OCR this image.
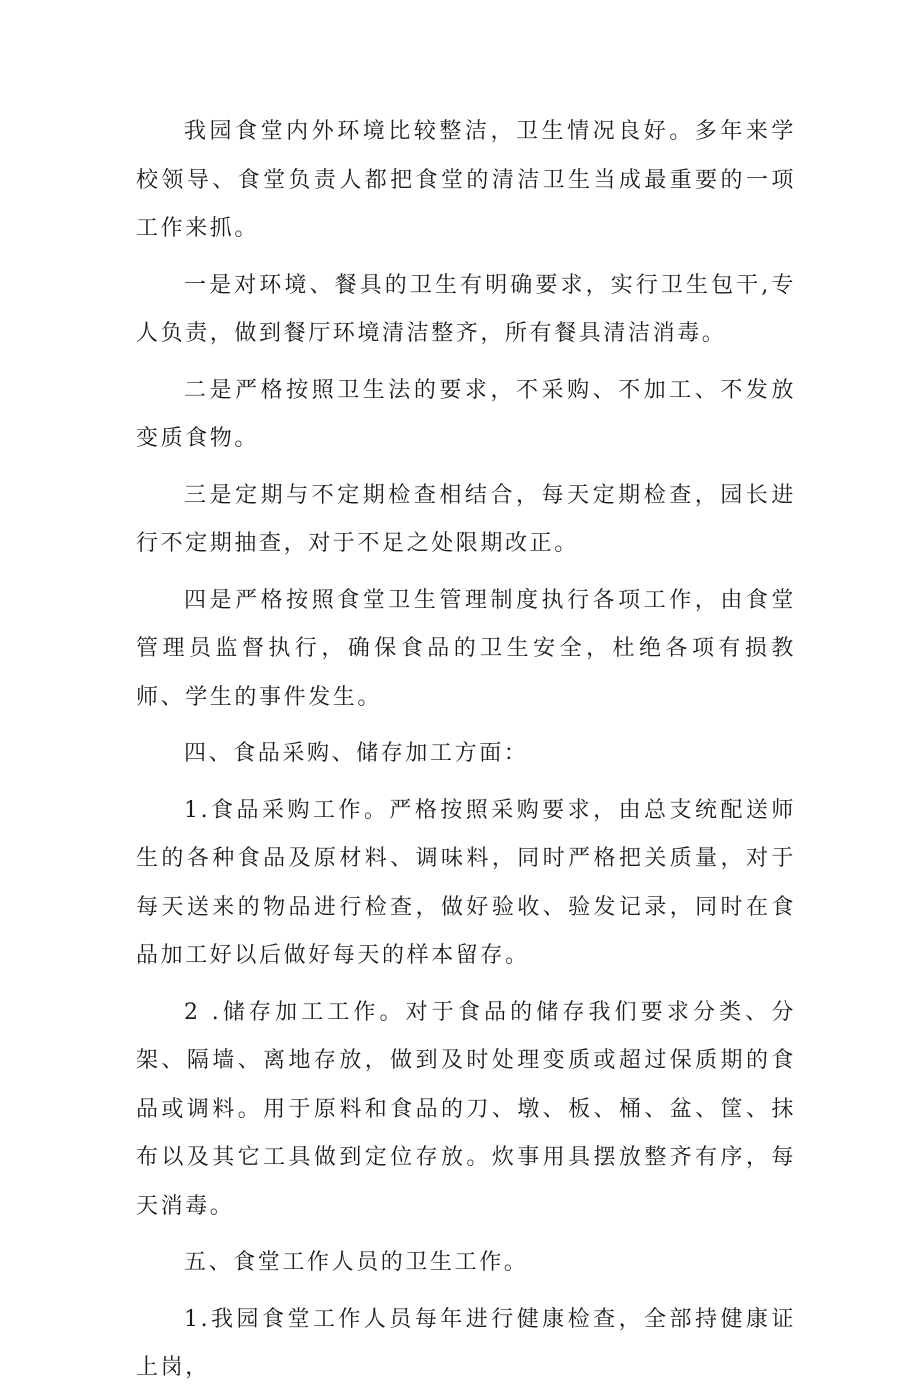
我园食堂内外环境比较整洁，卫生情况良好。多年来学校领导、食堂负责人都把食堂的清洁卫生当成最重要的一项工作来抓。

一是对环境、餐具的卫生有明确要求，实行卫生包干,专人负责，做到餐厅环境清洁整齐，所有餐具清洁消毒。

二是严格按照卫生法的要求，不采购、不加工、不发放变质食物。

三是定期与不定期检查相结合，每天定期检查，园长进行不定期抽查，对于不足之处限期改正。

四是严格按照食堂卫生管理制度执行各项工作，由食堂管理员监督执行，确保食品的卫生安全，杜绝各项有损教师、学生的事件发生。

四、食品采购、储存加工方面：

1.食品采购工作。严格按照采购要求，由总支统配送师生的各种食品及原材料、调味料，同时严格把关质量，对于每天送来的物品进行检查，做好验收、验发记录，同时在食品加工好以后做好每天的样本留存。

2 .储存加工工作。对于食品的储存我们要求分类、分架、隔墙、离地存放，做到及时处理变质或超过保质期的食品或调料。用于原料和食品的刀、墩、板、桶、盆、筐、抹布以及其它工具做到定位存放。炊事用具摆放整齐有序，每天消毒。

五、食堂工作人员的卫生工作。

1.我园食堂工作人员每年进行健康检查，全部持健康证上岗，
